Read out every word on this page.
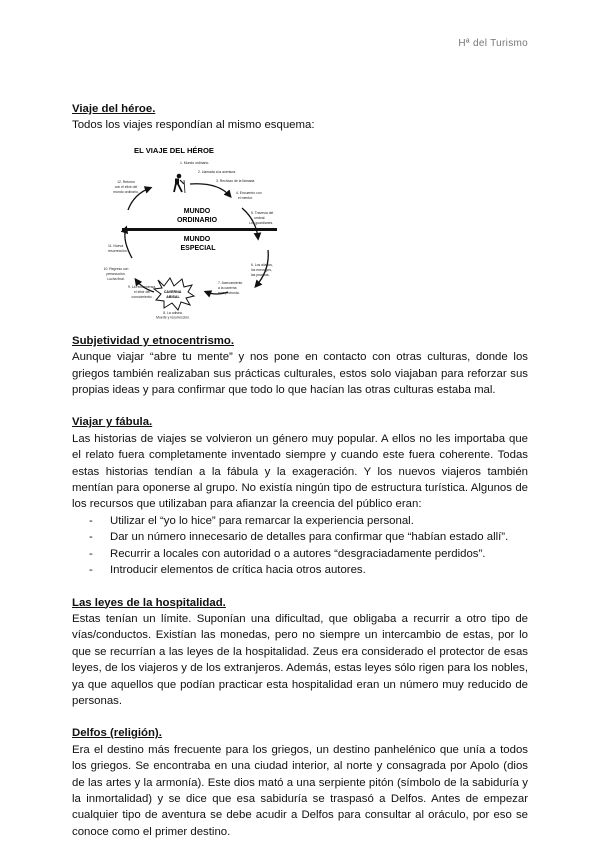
Hª del Turismo
Viaje del héroe.

Todos los viajes respondían al mismo esquema:

EL VIAJE DEL HÉROE
MUNDO ORDINARIO MUNDO ESPECIAL
CAVERNA ABISAL
1. Mundo ordinario.
2. Llamada a la aventura.
3. Rechazo de la llamada.
4. Encuentro con
el mentor.
5. Travesía del
umbral.
Los guardianes.
6. Los aliados,
los enemigos,
las pruebas.
7. Acercamiento
a la caverna
más profunda.
8. La odisea.
Muerte y resurrección.
9. La recompensa,
el elixir del
conocimiento.
10. Regreso con
persecución.
Lucha final.
11. Nueva
resurrección.
12. Retorno
con el elixir del
mundo ordinario.
Subjetividad y etnocentrismo.

Aunque viajar “abre tu mente” y nos pone en contacto con otras culturas, donde los griegos también realizaban sus prácticas culturales, estos solo viajaban para reforzar sus propias ideas y para confirmar que todo lo que hacían las otras culturas estaba mal.

Viajar y fábula.

Las historias de viajes se volvieron un género muy popular. A ellos no les importaba que el relato fuera completamente inventado siempre y cuando este fuera coherente. Todas estas historias tendían a la fábula y la exageración. Y los nuevos viajeros también mentían para oponerse al grupo. No existía ningún tipo de estructura turística. Algunos de los recursos que utilizaban para afianzar la creencia del público eran:

- Utilizar el “yo lo hice” para remarcar la experiencia personal.
- Dar un número innecesario de detalles para confirmar que “habían estado allí”.
- Recurrir a locales con autoridad o a autores “desgraciadamente perdidos”.
- Introducir elementos de crítica hacia otros autores.
Las leyes de la hospitalidad.

Estas tenían un límite. Suponían una dificultad, que obligaba a recurrir a otro tipo de vías/conductos. Existían las monedas, pero no siempre un intercambio de estas, por lo que se recurrían a las leyes de la hospitalidad. Zeus era considerado el protector de esas leyes, de los viajeros y de los extranjeros. Además, estas leyes sólo rigen para los nobles, ya que aquellos que podían practicar esta hospitalidad eran un número muy reducido de personas.

Delfos (religión).

Era el destino más frecuente para los griegos, un destino panhelénico que unía a todos los griegos. Se encontraba en una ciudad interior, al norte y consagrada por Apolo (dios de las artes y la armonía). Este dios mató a una serpiente pitón (símbolo de la sabiduría y la inmortalidad) y se dice que esa sabiduría se traspasó a Delfos. Antes de empezar cualquier tipo de aventura se debe acudir a Delfos para consultar al oráculo, por eso se conoce como el primer destino.
